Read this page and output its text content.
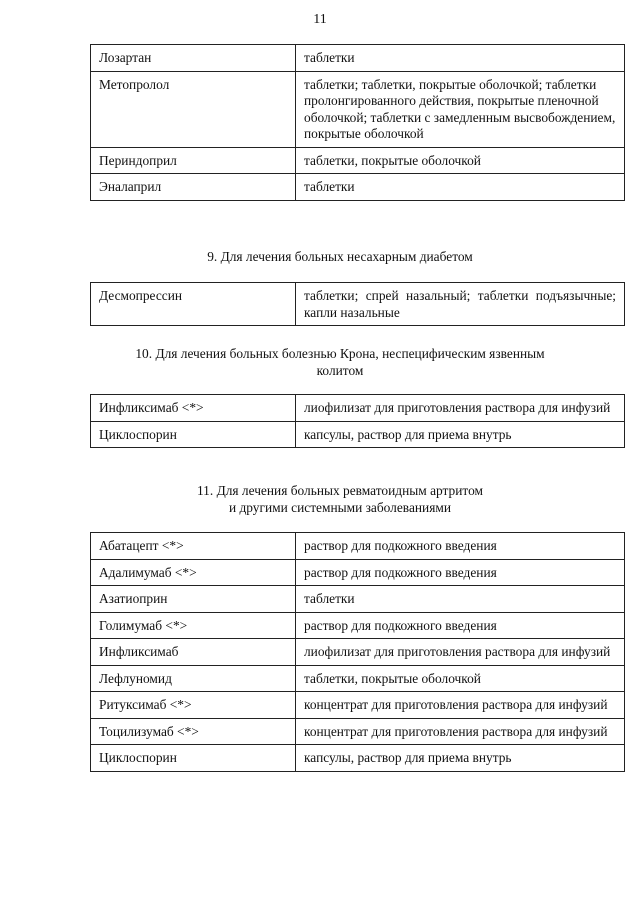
11
Лозартан	таблетки
Метопролол	таблетки; таблетки, покрытые оболочкой; таблетки пролонгированного действия, покрытые пленочной оболочкой; таблетки с замедленным высвобождением, покрытые оболочкой
Периндоприл	таблетки, покрытые оболочкой
Эналаприл	таблетки
9. Для лечения больных несахарным диабетом
Десмопрессин	таблетки; спрей назальный; таблетки подъязычные; капли назальные
10. Для лечения больных болезнью Крона, неспецифическим язвенным
колитом
Инфликсимаб <*>	лиофилизат для приготовления раствора для инфузий
Циклоспорин	капсулы, раствор для приема внутрь
11. Для лечения больных ревматоидным артритом
и другими системными заболеваниями
Абатацепт <*>	раствор для подкожного введения
Адалимумаб <*>	раствор для подкожного введения
Азатиоприн	таблетки
Голимумаб <*>	раствор для подкожного введения
Инфликсимаб	лиофилизат для приготовления раствора для инфузий
Лефлуномид	таблетки, покрытые оболочкой
Ритуксимаб <*>	концентрат для приготовления раствора для инфузий
Тоцилизумаб <*>	концентрат для приготовления раствора для инфузий
Циклоспорин	капсулы, раствор для приема внутрь
